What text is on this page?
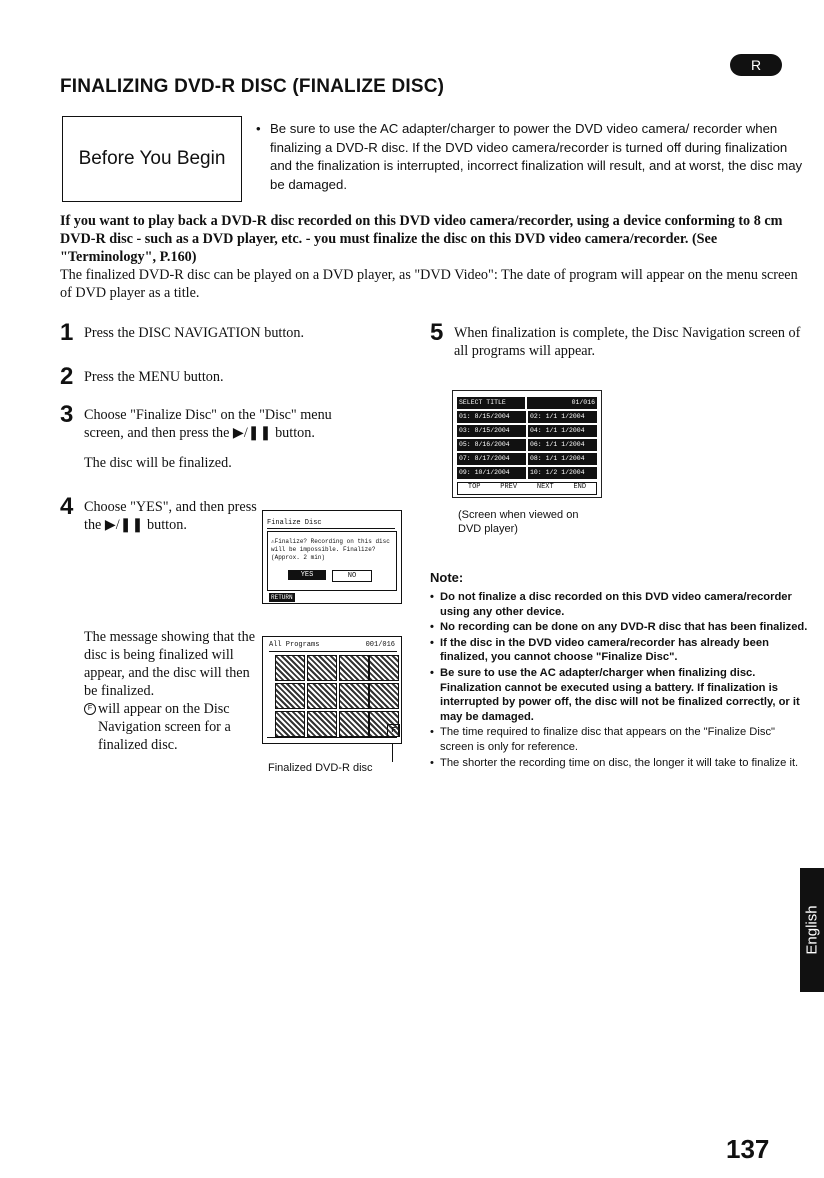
R
FINALIZING DVD-R DISC (FINALIZE DISC)
Before You Begin
• Be sure to use the AC adapter/charger to power the DVD video camera/ recorder when finalizing a DVD-R disc. If the DVD video camera/recorder is turned off during finalization and the finalization is interrupted, incorrect finalization will result, and at worst, the disc may be damaged.
If you want to play back a DVD-R disc recorded on this DVD video camera/recorder, using a device conforming to 8 cm DVD-R disc - such as a DVD player, etc. - you must finalize the disc on this DVD video camera/recorder. (See "Terminology", P.160)
The finalized DVD-R disc can be played on a DVD player, as "DVD Video": The date of program will appear on the menu screen of DVD player as a title.
1 Press the DISC NAVIGATION button.
2 Press the MENU button.
3 Choose "Finalize Disc" on the "Disc" menu screen, and then press the ▶/❚❚ button.
The disc will be finalized.
4 Choose "YES", and then press the ▶/❚❚ button.
The message showing that the disc is being finalized will appear, and the disc will then be finalized.
F will appear on the Disc Navigation screen for a finalized disc.
Finalize Disc
⚠Finalize? Recording on this disc will be impossible. Finalize? (Approx. 2 min)
YES	NO
RETURN
All Programs	001/016
F
Finalized DVD-R disc
5 When finalization is complete, the Disc Navigation screen of all programs will appear.
SELECT TITLE	01/016
01: 8/15/2004	02: 1/1 1/2004
03: 8/15/2004	04: 1/1 1/2004
05: 8/16/2004	06: 1/1 1/2004
07: 8/17/2004	08: 1/1 1/2004
09: 10/1/2004	10: 1/2 1/2004
TOP	PREV	NEXT	END
(Screen when viewed on DVD player)
Note:
• Do not finalize a disc recorded on this DVD video camera/recorder using any other device.
• No recording can be done on any DVD-R disc that has been finalized.
• If the disc in the DVD video camera/recorder has already been finalized, you cannot choose "Finalize Disc".
• Be sure to use the AC adapter/charger when finalizing disc. Finalization cannot be executed using a battery. If finalization is interrupted by power off, the disc will not be finalized correctly, or it may be damaged.
• The time required to finalize disc that appears on the "Finalize Disc" screen is only for reference.
• The shorter the recording time on disc, the longer it will take to finalize it.
English
137
